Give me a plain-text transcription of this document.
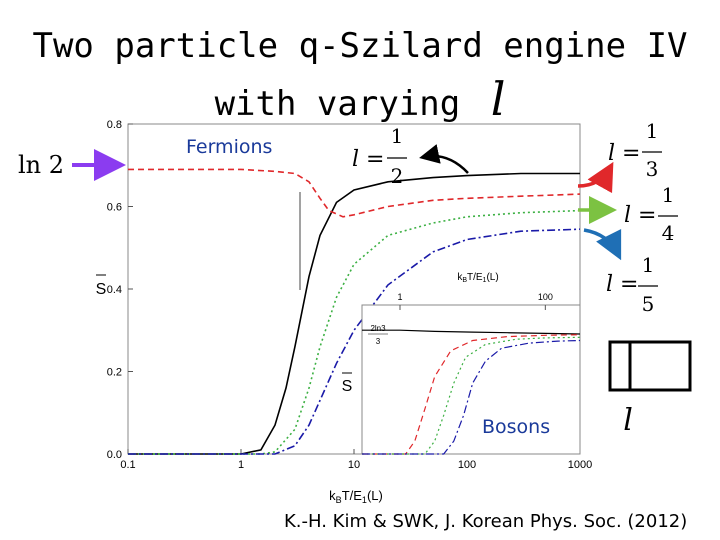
Two particle q-Szilard engine IV
with varying l
0.1	1	10	100	1000
0.0
0.2
0.4
0.6
0.8
1	100
2ln3
3
$k_BT/E_1(L)$
$k_BT/E_1(L)$
S
S
ln 2
Fermions
Bosons
l =
1
2
l =
1
3
l =
1
4
l =
1
5
l
K.-H. Kim & SWK, J. Korean Phys. Soc. (2012)
